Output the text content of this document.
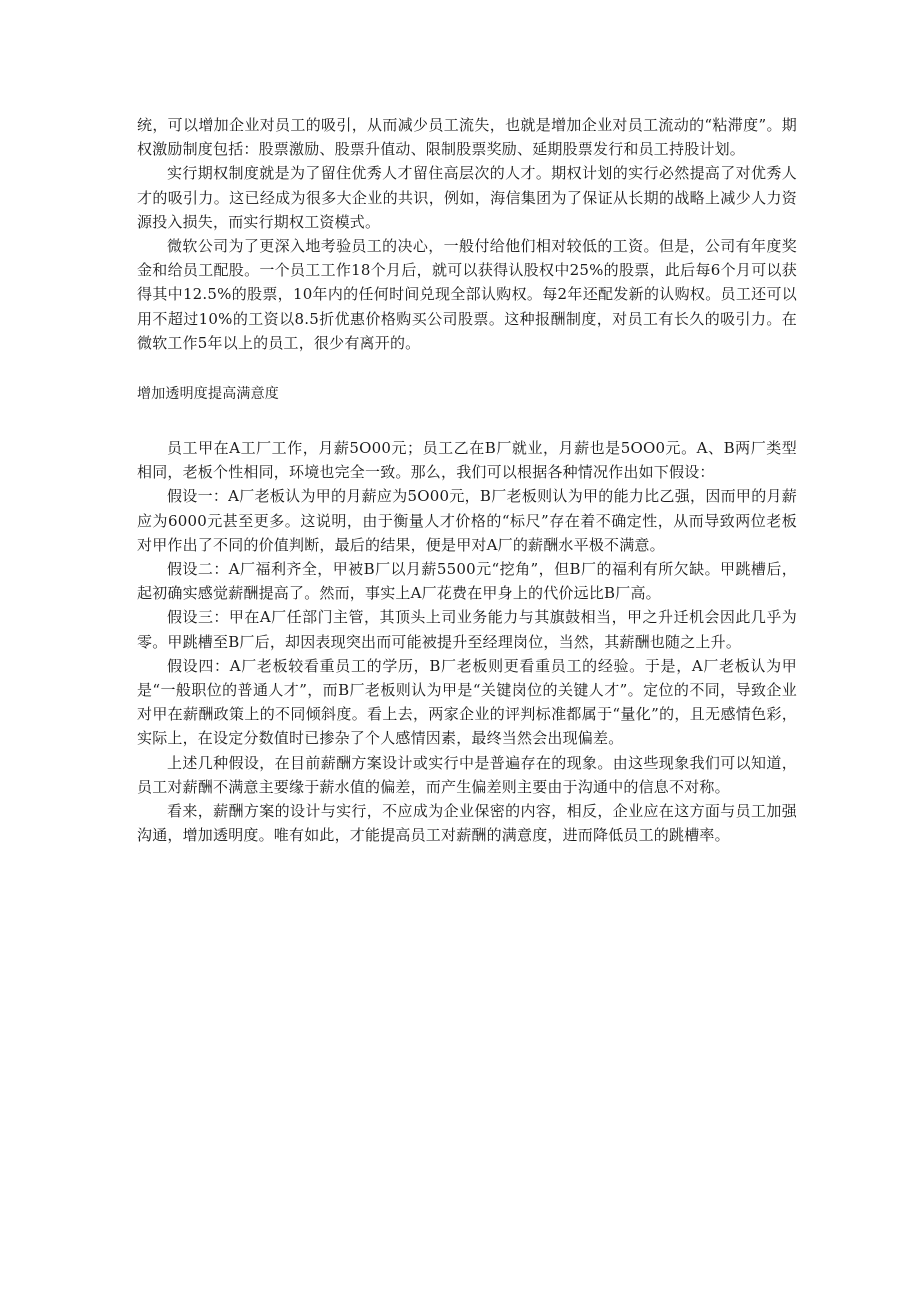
统，可以增加企业对员工的吸引，从而减少员工流失，也就是增加企业对员工流动的“粘滞度”。期权激励制度包括：股票激励、股票升值动、限制股票奖励、延期股票发行和员工持股计划。

实行期权制度就是为了留住优秀人才留住高层次的人才。期权计划的实行必然提高了对优秀人才的吸引力。这已经成为很多大企业的共识，例如，海信集团为了保证从长期的战略上减少人力资源投入损失，而实行期权工资模式。

微软公司为了更深入地考验员工的决心，一般付给他们相对较低的工资。但是，公司有年度奖金和给员工配股。一个员工工作18个月后，就可以获得认股权中25%的股票，此后每6个月可以获得其中12.5%的股票，10年内的任何时间兑现全部认购权。每2年还配发新的认购权。员工还可以用不超过10%的工资以8.5折优惠价格购买公司股票。这种报酬制度，对员工有长久的吸引力。在微软工作5年以上的员工，很少有离开的。

增加透明度提高满意度

员工甲在A工厂工作，月薪5O00元；员工乙在B厂就业，月薪也是5OO0元。A、B两厂类型相同，老板个性相同，环境也完全一致。那么，我们可以根据各种情况作出如下假设：

假设一：A厂老板认为甲的月薪应为5O00元，B厂老板则认为甲的能力比乙强，因而甲的月薪应为6000元甚至更多。这说明，由于衡量人才价格的“标尺”存在着不确定性，从而导致两位老板对甲作出了不同的价值判断，最后的结果，便是甲对A厂的薪酬水平极不满意。

假设二：A厂福利齐全，甲被B厂以月薪5500元“挖角”，但B厂的福利有所欠缺。甲跳槽后，起初确实感觉薪酬提高了。然而，事实上A厂花费在甲身上的代价远比B厂高。

假设三：甲在A厂任部门主管，其顶头上司业务能力与其旗鼓相当，甲之升迁机会因此几乎为零。甲跳槽至B厂后，却因表现突出而可能被提升至经理岗位，当然，其薪酬也随之上升。

假设四：A厂老板较看重员工的学历，B厂老板则更看重员工的经验。于是，A厂老板认为甲是“一般职位的普通人才”，而B厂老板则认为甲是“关键岗位的关键人才”。定位的不同，导致企业对甲在薪酬政策上的不同倾斜度。看上去，两家企业的评判标准都属于“量化”的，且无感情色彩，实际上，在设定分数值时已掺杂了个人感情因素，最终当然会出现偏差。

上述几种假设，在目前薪酬方案设计或实行中是普遍存在的现象。由这些现象我们可以知道，员工对薪酬不满意主要缘于薪水值的偏差，而产生偏差则主要由于沟通中的信息不对称。

看来，薪酬方案的设计与实行，不应成为企业保密的内容，相反，企业应在这方面与员工加强沟通，增加透明度。唯有如此，才能提高员工对薪酬的满意度，进而降低员工的跳槽率。
